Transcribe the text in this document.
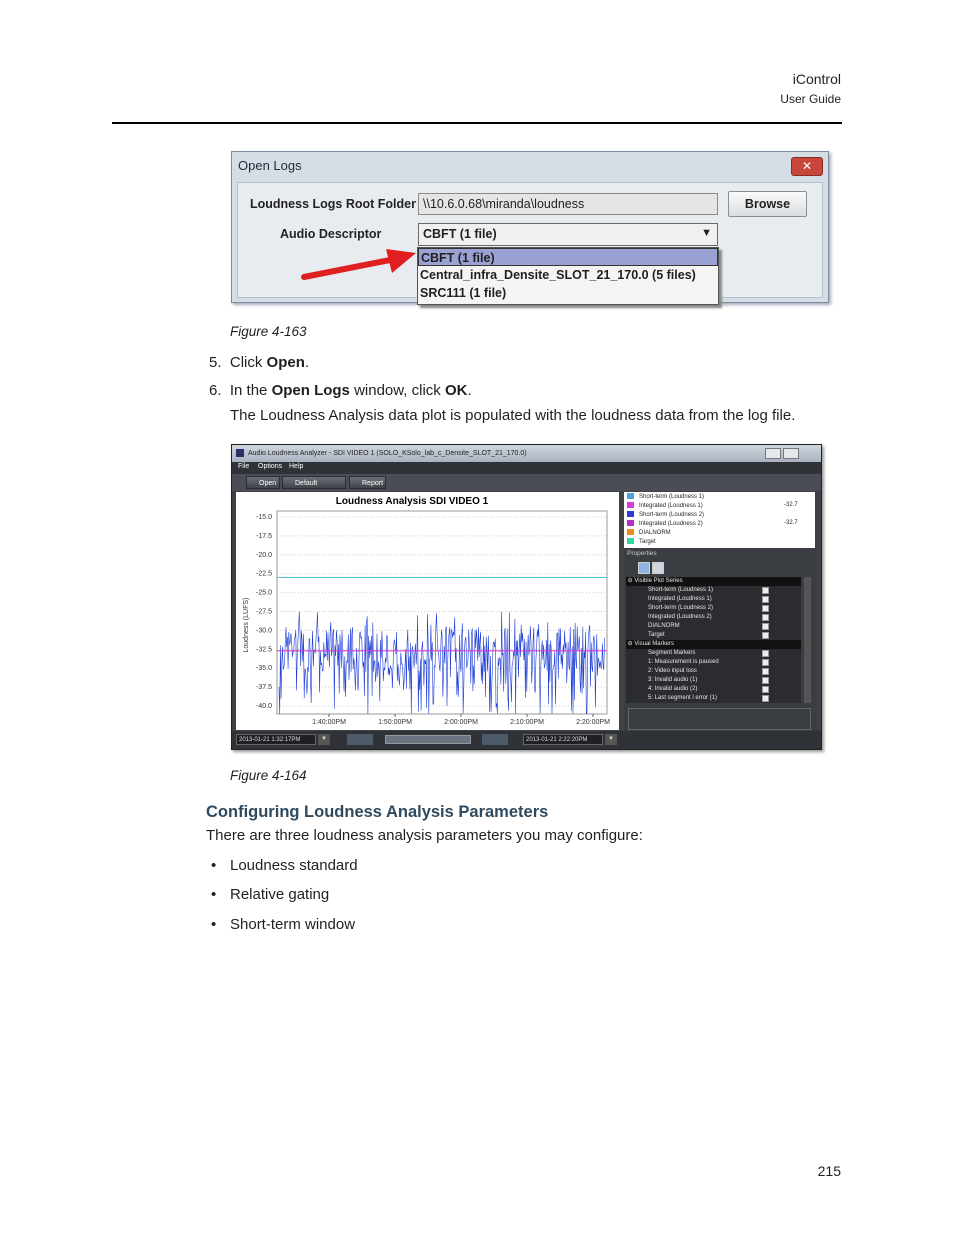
iControl
User Guide
Open Logs	✕
Loudness Logs Root Folder \\10.6.0.68\miranda\loudness	Browse
Audio Descriptor	CBFT (1 file)	▼
CBFT (1 file)
Central_infra_Densite_SLOT_21_170.0 (5 files)
SRC111 (1 file)
Figure 4-163
5. Click Open.
6. In the Open Logs window, click OK.
The Loudness Analysis data plot is populated with the loudness data from the log file.
Audio Loudness Analyzer - SDI VIDEO 1 (SOLO_KSolo_lab_c_Densite_SLOT_21_170.0)

File Options Help
Open	Default	Report
Loudness Analysis SDI VIDEO 1
-15.0
-17.5
-20.0
-22.5
-25.0
-27.5
-30.0
-32.5
-35.0
-37.5
-40.0
1:40:00PM	1:50:00PM	2:00:00PM	2:10:00PM	2:20:00PM
Loudness (LUFS)
Short-term (Loudness 1)
Integrated (Loudness 1)
Short-term (Loudness 2)
Integrated (Loudness 2)
DIALNORM
Target
-32.7
-32.7
Properties
⊖ Visible Plot Series
Short-term (Loudness 1)
Integrated (Loudness 1)
Short-term (Loudness 2)
Integrated (Loudness 2)
DIALNORM
Target
⊖ Visual Markers
Segment Markers
1: Measurement is paused
2: Video input loss
3: Invalid audio (1)
4: Invalid audio (2)
5: Last segment l error (1)
2013-01-21 1:32:17PM	▼	2013-01-21 2:22:20PM	▼
Figure 4-164
Configuring Loudness Analysis Parameters
There are three loudness analysis parameters you may configure:
• Loudness standard
• Relative gating
• Short-term window
215
